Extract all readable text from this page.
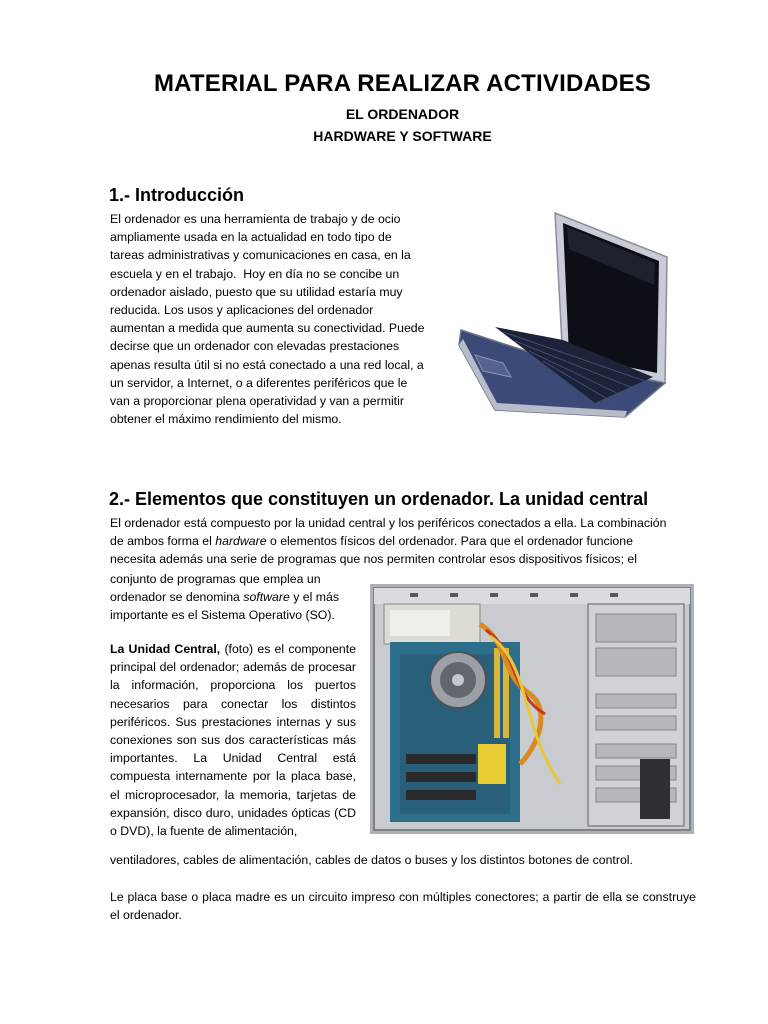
MATERIAL PARA REALIZAR ACTIVIDADES
EL ORDENADOR
HARDWARE Y SOFTWARE
1.- Introducción
El ordenador es una herramienta de trabajo y de ocio
ampliamente usada en la actualidad en todo tipo de
tareas administrativas y comunicaciones en casa, en la
escuela y en el trabajo.  Hoy en día no se concibe un
ordenador aislado, puesto que su utilidad estaría muy
reducida. Los usos y aplicaciones del ordenador
aumentan a medida que aumenta su conectividad. Puede
decirse que un ordenador con elevadas prestaciones
apenas resulta útil si no está conectado a una red local, a
un servidor, a Internet, o a diferentes periféricos que le
van a proporcionar plena operatividad y van a permitir
obtener el máximo rendimiento del mismo.
2.- Elementos que constituyen un ordenador. La unidad central
El ordenador está compuesto por la unidad central y los periféricos conectados a ella. La combinación
de ambos forma el hardware o elementos físicos del ordenador. Para que el ordenador funcione
necesita además una serie de programas que nos permiten controlar esos dispositivos físicos; el
conjunto de programas que emplea un
ordenador se denomina software y el más
importante es el Sistema Operativo (SO).
La Unidad Central, (foto) es el componente principal del ordenador; además de procesar la información, proporciona los puertos necesarios para conectar los distintos periféricos. Sus prestaciones internas y sus conexiones son sus dos características más importantes. La Unidad Central está compuesta internamente por la placa base, el microprocesador, la memoria, tarjetas de expansión, disco duro, unidades ópticas (CD o DVD), la fuente de alimentación,
ventiladores, cables de alimentación, cables de datos o buses y los distintos botones de control.
Le placa base o placa madre es un circuito impreso con múltiples conectores; a partir de ella se construye el ordenador.
